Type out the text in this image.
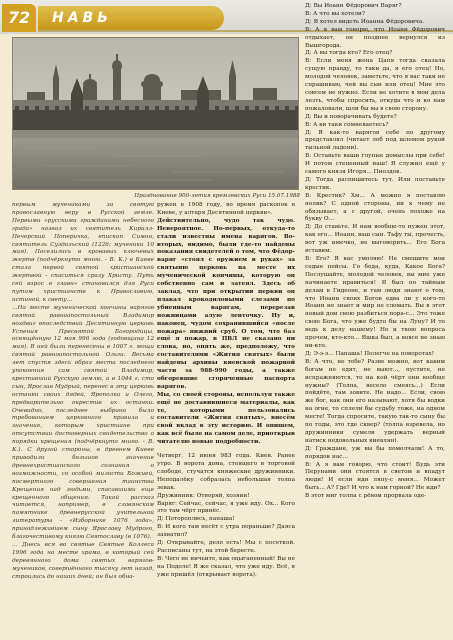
72	НАВЬ
Празднование 900-летия кремлевских Руси 15.07.1988

первым мучениками за святую православную веру в Русской земле. Первыми «русскими гражданами небесного града» назвал их святитель Кирилл-Печерский Поперичка, епископ Симон, святитель Суздальский (1226; мученики 10 мая). Поселились в кровавых ключевых жертв (подчёркнуто мною. - В. К.) в Киеве стала первой святой христианской жертвой - спаситься сразу Христу. Путь сей взрос в главн» становился для Руси путом христианств к Православию, истиной, к свету...

...На месте мученической кончины варягов святой равноапостольный Владимир воздвиг впоследствии Десятинную церковь Успения Пресвятой Богородицы, освящённую 12 мая 996 года (годовщина 12 мая). В ней были перенесены в 1007 г. мощи святой равноапостольной Ольги. Весьма лет спустя здесь образ места последнего упокоения сам святой Владимир, крестивший Русскую землю, а в 1044 г. сто сын, Ярослав Мудрый, перенес в эту церковь останки своих дядей, Ярополка и Олега, предварительно окрестив их останки. Очевидно, последнее выбрано было требованием церковного правила и значение, которым христиане при отсутствии достоверных свидетельство о порядки крещения (подчёркнуто мною. - В. К.). С другой стороны, в древнем Киеве приводили большое значение древнехристианского сознания о возможности, со особой милости Божией, посмертного совершения таинства Крещения над людьми, спасавшими еще крещенного общения. Такой рассказ читается, например, в славянском памятнике древнерусской учительной литературы - «Изборнике 1076 года», принадлежавшем сыну Ярославу Мудрого, благочестивому князю Святославу (в 1076).

... Днесь вся во святые Святые Коллеса 1996 года на месте храма, в который сей деревянного дома святых варягов-мучеников, совершённого тысячу лет назад, строились до наших дней; он был обна-

ружен в 1908 году, во время раскопок в Киеве, у алтаря Десятинной церкви».

Действительно, чудо так чудо. Невероятное. Но-первых, откуда-то стали известны имена варягов. Во-вторых, видимо, были где-то найдены показания свидетелей о том, что Фёдор-варяг «стоял с оружием в руках» за святыню церковь на месте их мученической кончины, которую он собственно сам и затеял. Здесь об заклад, что при открытии церкви он плакал крокодиловыми слезами по убиенным варягам, перерезав ножницами алую ленточку. Ну и, наконец, чудом сохранившийся «после пожара» нижний сруб. О том, что баз ещё я пожар, в ПВЛ не сказано ни слова, но, опять же, предположу, что составителями «Жития святых» были найдены архивы киевской пожарной части за 988-990 годы, а также обгоревшие сгоряченные паспорта варягов.

Мы, со своей стороны, используя также ещё не доставившиеся материалы, как те, которыми пользовались составители «Жития святых», внесём свой вклад в эту историю. И опишем, как всё было на самом деле, приоткрыв читателю новые подробности.

Четверг, 12 июня 983 года. Киев. Ранее утро. В ворота дома, стоящего в торговой слободе, стучатся княжеские дружинники. Неподалёку собралась небольшая толпа зевак.

Дружинник: Отворяй, хозяин!

Варяг: Сейчас, сейчас, я уже иду. Ох... Кого это там чёрт принёс.

Д: Потороплись, папаша!

В: И кого там несёт с утра пораньше? Даяса захватил?

Д: Открывайте, дело есть! Мы с посеткой. Расписаны тут, на этой бересте.

В: Чего не ничьите, как оцыганенный! Вы не на Подоле! Я же сказал, что уже иду. Всё, я уже пришёл (открывает ворота).

Д: Вы Иоанн Фёдорович Варяг?

В: А что вы хотели?

Д: Я хотел видеть Иоанна Фёдоровича.

В: А я вам говорю, что Иоанн Фёдорович отдыхает, он позднее вернулся из Вышгорода.

Д: А вы тогда кто? Его отец?

В: Если меня жена Цапя тогда сказала сущую правду, то таки да, я его отец! Но, молодой человек, заметьте, что я вас таки не спрашиваю, чей вы сын или отец! Мне это совсем не нужно. Если не хотите в мои дела лезть, чтобы спросить, откуда что и ко нам пожаловали, шли бы вы в свою сторону.

Д: Вы и поворачивать будете?

В: А ви таки сомневаетесь?

Д: Я как-то варягов себе по другому представлял (читает лоб под шлемом рукой тыльной ладони).

В: Оставьте ваши глупые домыслы при себе! И потом степенный наш! Я служил ещё у самого князя Игоря... Пиоздов.

Д: Тогда распишитесь тут. Или поставьте крестик.

В: Крестик? Хм... А можно я поставлю нолик? С одной стороны, ни к чему не обязывает, а с другой, очень похоже на букву О...

Д: До ставьте. И нам вообще-то нужен этот, как его... Иоанн, ваш сын. Тьфу ты, прочесть, вот уж имечко, не выговорить... Его Бога вставим.

В: Его? Я вас умоляю! Не смешите мои седые пейсы. Го беда, куда, Какое Бога? Послушайте, молодой человек, вы мне уже начинаете нравиться! Я был по тайным делам в Гидеоне, и там люди знают о том, что Иоанн своих Богов едва ли у кого-то Иоанн не знает и мир не сломать. Вы в этот новый дом свою разбиться пора-с... Это тоже свою Бога, что уже будто бы на Луну? И то ведь к делу нашему! Но и твою вопроса прочем, кто-кто... Яшка был, а вовсе не знаю ни-кто.

Д: Э-э-э... Папаша! Полегче на поворотах!

В: А что, не тебе? Разве можно, вот каким богам не едят, не выют..., пустите, не испражняются, то на кой чёрт они вообще нужны? (Толпа, весело смеясь...) Если пойдёте, там зовите. Не надо... Если, свою же бог, как они его называют, хотя бы водки на огне, то сплели бы судьбу тоже, на одном месте! Тогда спросите, такую так-то сыну бы по годы, это где сквер? (толпа взревела, но дружинники сумели удержать верный натиск недовольных киевлян).

Д: Граждане, уж вы бы помолчали! А то, порядок нас...

В: А я вам говорю, что стоит! Будь эти Перунами они стоятся в светом и впадут люди! И если иди ляпу-с меня... Может быть... А? Где? И что к нам горной? Не иди?

В этот миг толпа с рёвом прорвала оде-
